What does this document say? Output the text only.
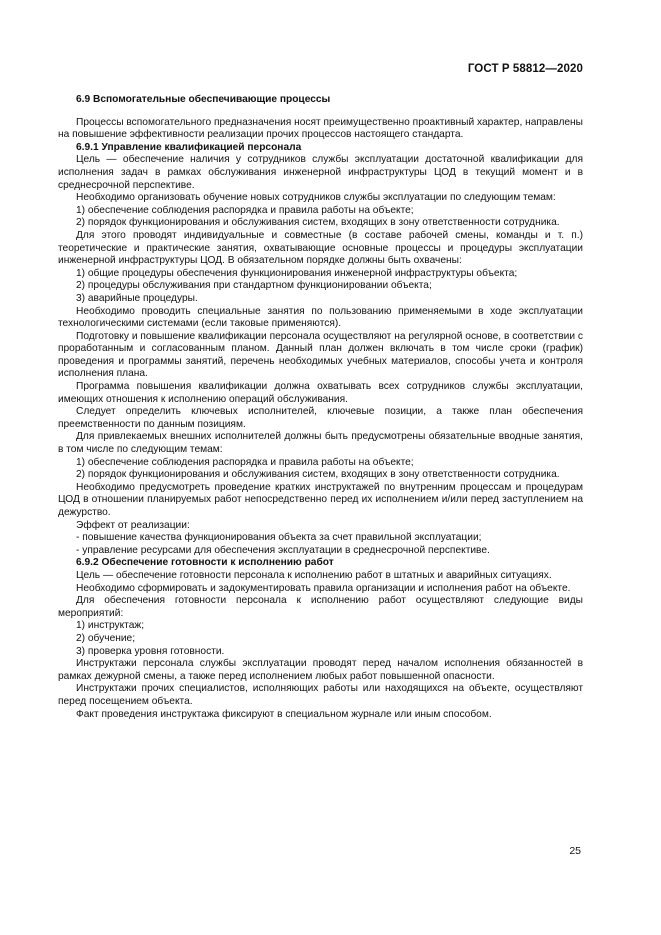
ГОСТ Р 58812—2020

6.9 Вспомогательные обеспечивающие процессы

Процессы вспомогательного предназначения носят преимущественно проактивный характер, направлены на повышение эффективности реализации прочих процессов настоящего стандарта.

6.9.1 Управление квалификацией персонала

Цель — обеспечение наличия у сотрудников службы эксплуатации достаточной квалификации для исполнения задач в рамках обслуживания инженерной инфраструктуры ЦОД в текущий момент и в среднесрочной перспективе.

Необходимо организовать обучение новых сотрудников службы эксплуатации по следующим темам:

1) обеспечение соблюдения распорядка и правила работы на объекте;

2) порядок функционирования и обслуживания систем, входящих в зону ответственности сотрудника.

Для этого проводят индивидуальные и совместные (в составе рабочей смены, команды и т. п.) теоретические и практические занятия, охватывающие основные процессы и процедуры эксплуатации инженерной инфраструктуры ЦОД. В обязательном порядке должны быть охвачены:

1) общие процедуры обеспечения функционирования инженерной инфраструктуры объекта;

2) процедуры обслуживания при стандартном функционировании объекта;

3) аварийные процедуры.

Необходимо проводить специальные занятия по пользованию применяемыми в ходе эксплуатации технологическими системами (если таковые применяются).

Подготовку и повышение квалификации персонала осуществляют на регулярной основе, в соответствии с проработанным и согласованным планом. Данный план должен включать в том числе сроки (график) проведения и программы занятий, перечень необходимых учебных материалов, способы учета и контроля исполнения плана.

Программа повышения квалификации должна охватывать всех сотрудников службы эксплуатации, имеющих отношения к исполнению операций обслуживания.

Следует определить ключевых исполнителей, ключевые позиции, а также план обеспечения преемственности по данным позициям.

Для привлекаемых внешних исполнителей должны быть предусмотрены обязательные вводные занятия, в том числе по следующим темам:

1) обеспечение соблюдения распорядка и правила работы на объекте;

2) порядок функционирования и обслуживания систем, входящих в зону ответственности сотрудника.

Необходимо предусмотреть проведение кратких инструктажей по внутренним процессам и процедурам ЦОД в отношении планируемых работ непосредственно перед их исполнением и/или перед заступлением на дежурство.

Эффект от реализации:

- повышение качества функционирования объекта за счет правильной эксплуатации;

- управление ресурсами для обеспечения эксплуатации в среднесрочной перспективе.

6.9.2 Обеспечение готовности к исполнению работ

Цель — обеспечение готовности персонала к исполнению работ в штатных и аварийных ситуациях.

Необходимо сформировать и задокументировать правила организации и исполнения работ на объекте.

Для обеспечения готовности персонала к исполнению работ осуществляют следующие виды мероприятий:

1) инструктаж;

2) обучение;

3) проверка уровня готовности.

Инструктажи персонала службы эксплуатации проводят перед началом исполнения обязанностей в рамках дежурной смены, а также перед исполнением любых работ повышенной опасности.

Инструктажи прочих специалистов, исполняющих работы или находящихся на объекте, осуществляют перед посещением объекта.

Факт проведения инструктажа фиксируют в специальном журнале или иным способом.

25
